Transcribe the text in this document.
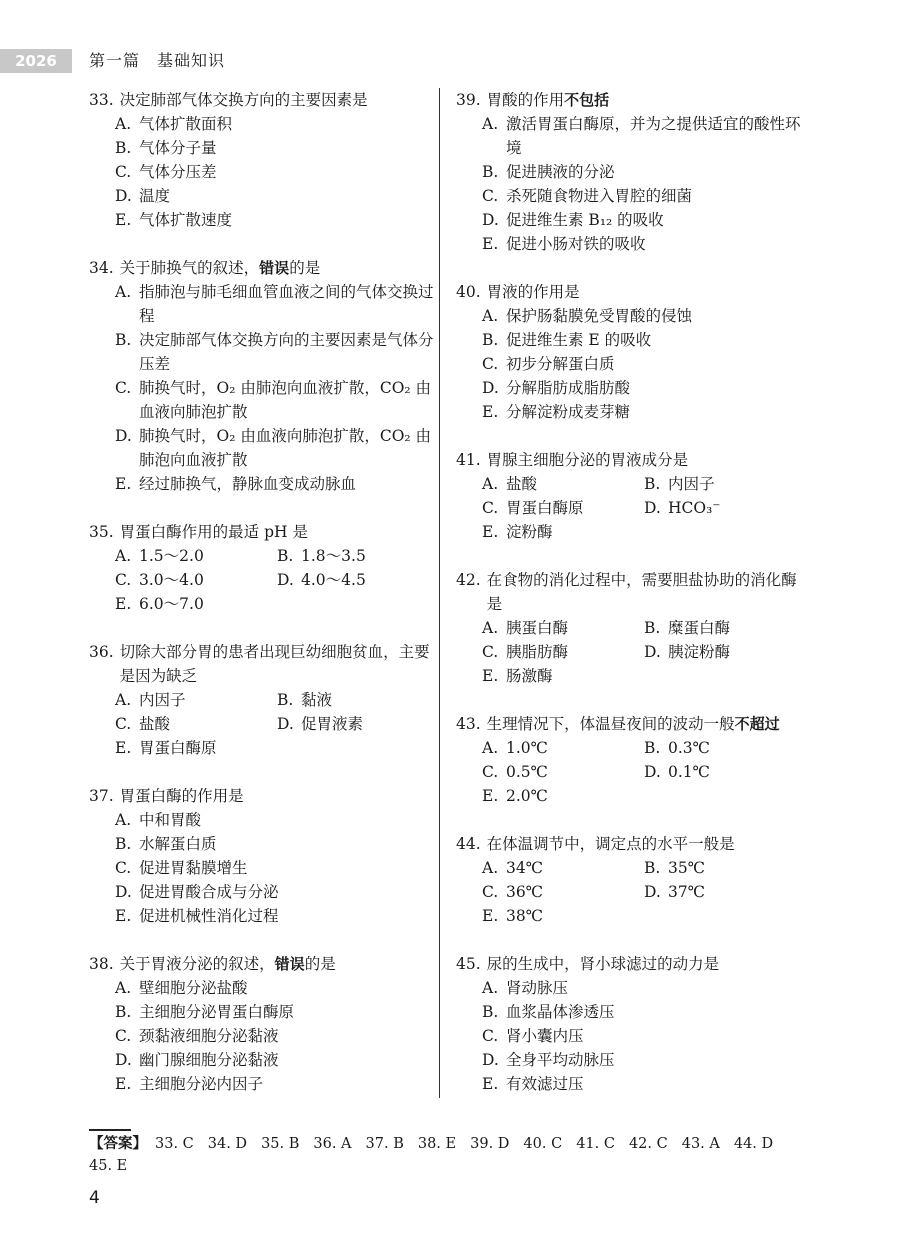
2026	第一篇　基础知识
33. 决定肺部气体交换方向的主要因素是
A. 气体扩散面积
B. 气体分子量
C. 气体分压差
D. 温度
E. 气体扩散速度
34. 关于肺换气的叙述，错误的是
A. 指肺泡与肺毛细血管血液之间的气体交换过程
B. 决定肺部气体交换方向的主要因素是气体分压差
C. 肺换气时，O₂ 由肺泡向血液扩散，CO₂ 由血液向肺泡扩散
D. 肺换气时，O₂ 由血液向肺泡扩散，CO₂ 由肺泡向血液扩散
E. 经过肺换气，静脉血变成动脉血
35. 胃蛋白酶作用的最适 pH 是
A. 1.5～2.0	B. 1.8～3.5
C. 3.0～4.0	D. 4.0～4.5
E. 6.0～7.0
36. 切除大部分胃的患者出现巨幼细胞贫血，主要是因为缺乏
A. 内因子	B. 黏液
C. 盐酸	D. 促胃液素
E. 胃蛋白酶原
37. 胃蛋白酶的作用是
A. 中和胃酸
B. 水解蛋白质
C. 促进胃黏膜增生
D. 促进胃酸合成与分泌
E. 促进机械性消化过程
38. 关于胃液分泌的叙述，错误的是
A. 壁细胞分泌盐酸
B. 主细胞分泌胃蛋白酶原
C. 颈黏液细胞分泌黏液
D. 幽门腺细胞分泌黏液
E. 主细胞分泌内因子
39. 胃酸的作用不包括
A. 激活胃蛋白酶原，并为之提供适宜的酸性环境
B. 促进胰液的分泌
C. 杀死随食物进入胃腔的细菌
D. 促进维生素 B₁₂ 的吸收
E. 促进小肠对铁的吸收
40. 胃液的作用是
A. 保护肠黏膜免受胃酸的侵蚀
B. 促进维生素 E 的吸收
C. 初步分解蛋白质
D. 分解脂肪成脂肪酸
E. 分解淀粉成麦芽糖
41. 胃腺主细胞分泌的胃液成分是
A. 盐酸	B. 内因子
C. 胃蛋白酶原	D. HCO₃⁻
E. 淀粉酶
42. 在食物的消化过程中，需要胆盐协助的消化酶是
A. 胰蛋白酶	B. 糜蛋白酶
C. 胰脂肪酶	D. 胰淀粉酶
E. 肠激酶
43. 生理情况下，体温昼夜间的波动一般不超过
A. 1.0℃	B. 0.3℃
C. 0.5℃	D. 0.1℃
E. 2.0℃
44. 在体温调节中，调定点的水平一般是
A. 34℃	B. 35℃
C. 36℃	D. 37℃
E. 38℃
45. 尿的生成中，肾小球滤过的动力是
A. 肾动脉压
B. 血浆晶体渗透压
C. 肾小囊内压
D. 全身平均动脉压
E. 有效滤过压
【答案】 33. C 34. D 35. B 36. A 37. B 38. E 39. D 40. C 41. C 42. C 43. A 44. D45. E
4
